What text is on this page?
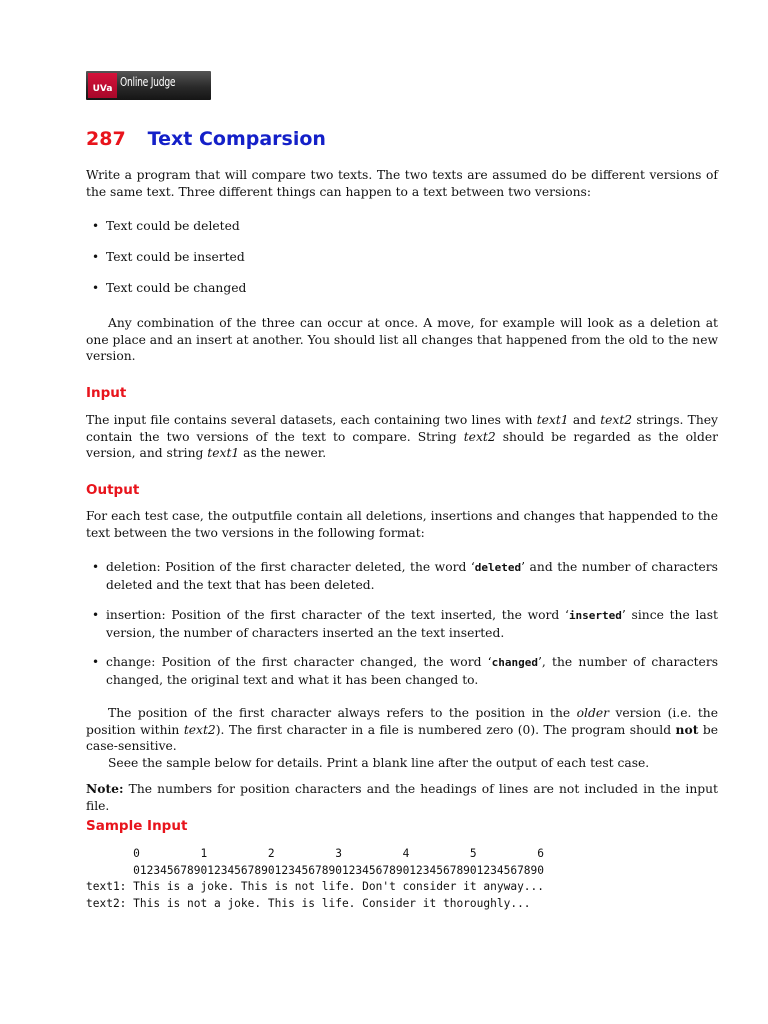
UVa Online Judge
287 Text Comparsion
Write a program that will compare two texts. The two texts are assumed do be different versions of the same text. Three different things can happen to a text between two versions:
• Text could be deleted
• Text could be inserted
• Text could be changed
Any combination of the three can occur at once. A move, for example will look as a deletion at one place and an insert at another. You should list all changes that happened from the old to the new version.
Input
The input file contains several datasets, each containing two lines with text1 and text2 strings. They contain the two versions of the text to compare. String text2 should be regarded as the older version, and string text1 as the newer.
Output
For each test case, the outputfile contain all deletions, insertions and changes that happended to the text between the two versions in the following format:
• deletion: Position of the first character deleted, the word ‘deleted’ and the number of characters deleted and the text that has been deleted.
• insertion: Position of the first character of the text inserted, the word ‘inserted’ since the last version, the number of characters inserted an the text inserted.
• change: Position of the first character changed, the word ‘changed’, the number of characters changed, the original text and what it has been changed to.
The position of the first character always refers to the position in the older version (i.e. the position within text2). The first character in a file is numbered zero (0). The program should not be case-sensitive.
Seee the sample below for details. Print a blank line after the output of each test case.
Note: The numbers for position characters and the headings of lines are not included in the input file.
Sample Input
0         1         2         3         4         5         6
0123456789012345678901234567890123456789012345678901234567890
text1: This is a joke. This is not life. Don't consider it anyway...
text2: This is not a joke. This is life. Consider it thoroughly...
